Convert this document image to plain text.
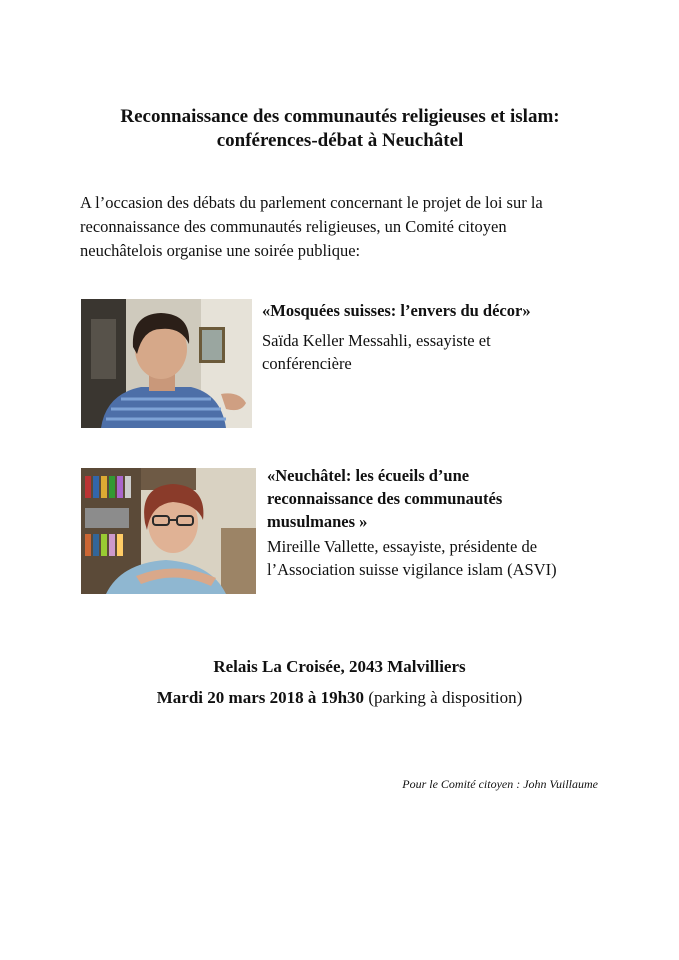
Reconnaissance des communautés religieuses et islam:
conférences-débat à Neuchâtel
A l’occasion des débats du parlement concernant le projet de loi sur la
reconnaissance des communautés religieuses, un Comité citoyen
neuchâtelois organise une soirée publique:
«Mosquées suisses: l’envers du décor»
Saïda Keller Messahli, essayiste et
conférencière
«Neuchâtel: les écueils d’une
reconnaissance des communautés
musulmanes »
Mireille Vallette, essayiste, présidente de
l’Association suisse vigilance islam (ASVI)
Relais La Croisée, 2043 Malvilliers
Mardi 20 mars 2018 à 19h30 (parking à disposition)
Pour le Comité citoyen : John Vuillaume
